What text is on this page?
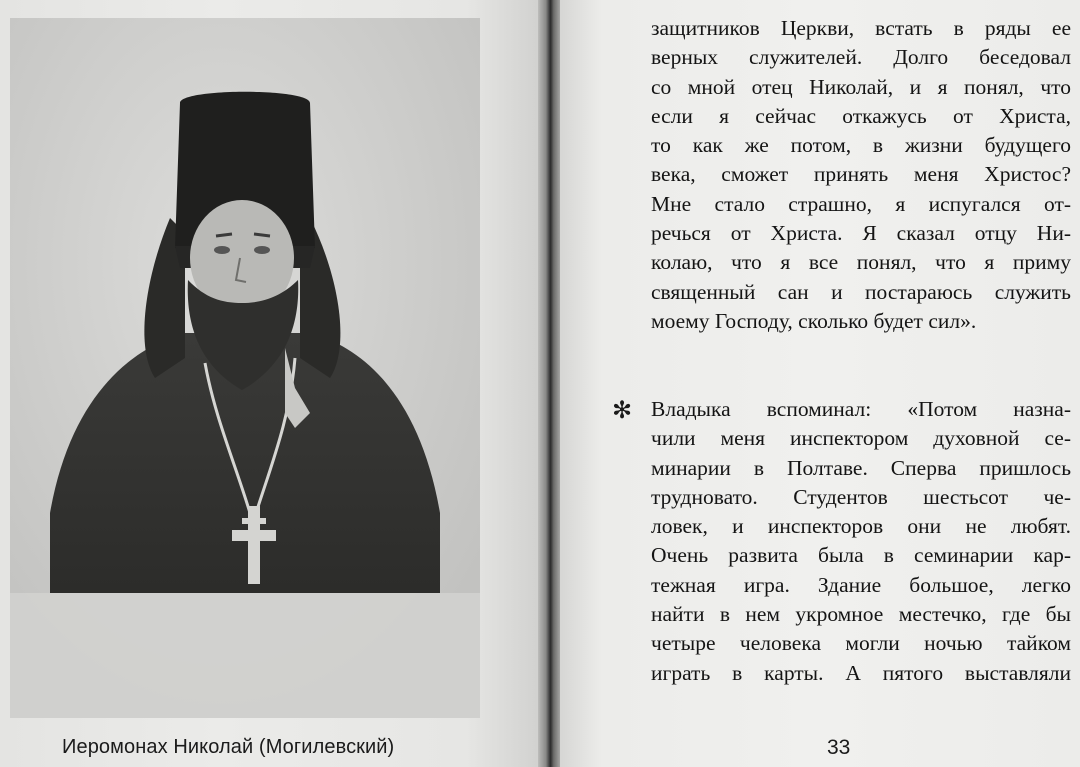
Иеромонах Николай (Могилевский)
защитников Церкви, встать в ряды ее
верных служителей. Долго беседовал
со мной отец Николай, и я понял, что
если я сейчас откажусь от Христа,
то как же потом, в жизни будущего
века, сможет принять меня Христос?
Мне стало страшно, я испугался от-
речься от Христа. Я сказал отцу Ни-
колаю, что я все понял, что я приму
священный сан и постараюсь служить
моему Господу, сколько будет сил».
✻ Владыка вспоминал: «Потом назна-
чили меня инспектором духовной се-
минарии в Полтаве. Сперва пришлось
трудновато. Студентов шестьсот че-
ловек, и инспекторов они не любят.
Очень развита была в семинарии кар-
тежная игра. Здание большое, легко
найти в нем укромное местечко, где бы
четыре человека могли ночью тайком
играть в карты. А пятого выставляли
33
